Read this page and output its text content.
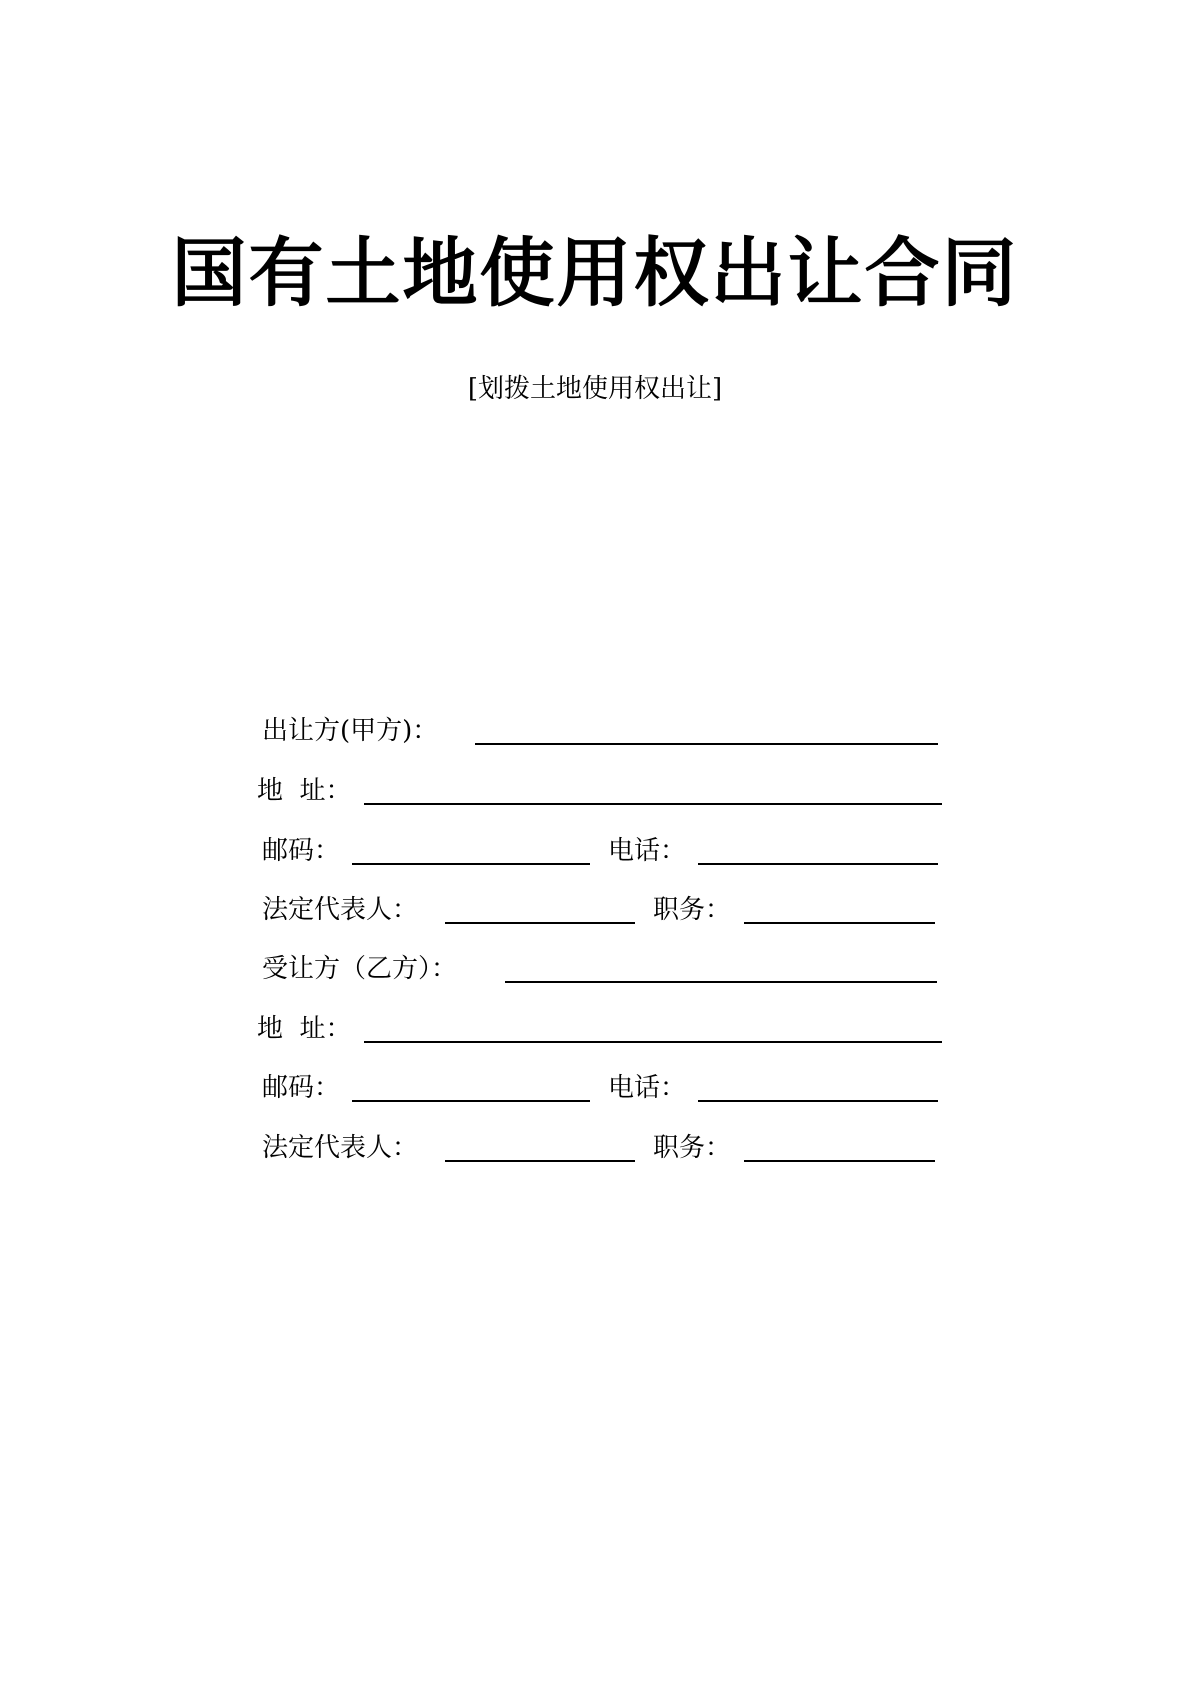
国有土地使用权出让合同
[划拨土地使用权出让]
出让方(甲方)：
地  址：
邮码：	电话：
法定代表人：	职务：
受让方（乙方）：
地  址：
邮码：	电话：
法定代表人：	职务：
